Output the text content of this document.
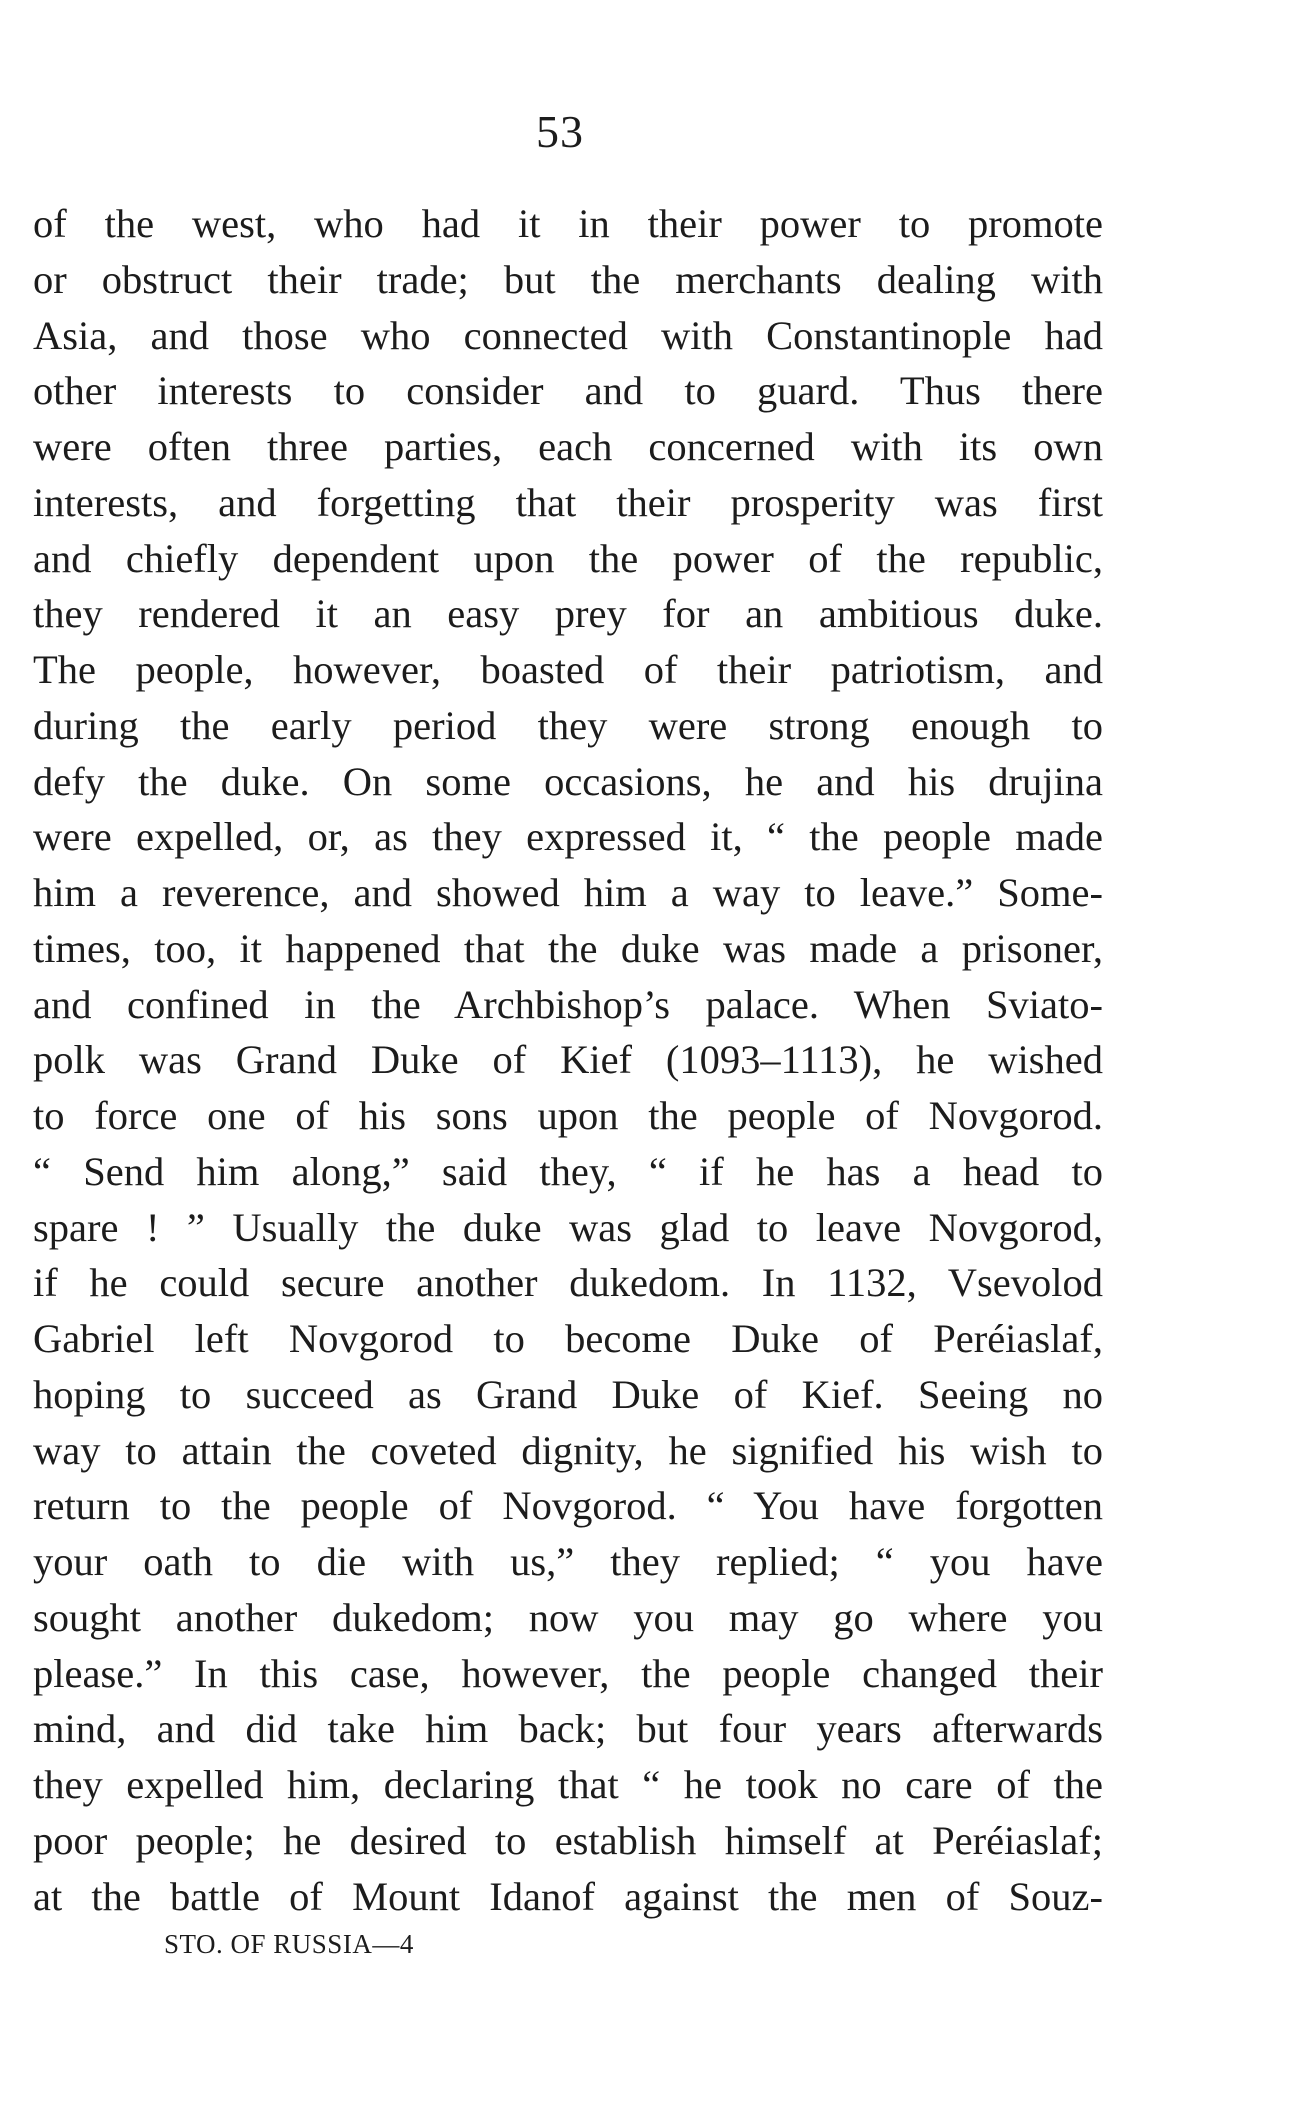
53
of the west, who had it in their power to promote
or obstruct their trade; but the merchants dealing with
Asia, and those who connected with Constantinople had
other interests to consider and to guard. Thus there
were often three parties, each concerned with its own
interests, and forgetting that their prosperity was first
and chiefly dependent upon the power of the republic,
they rendered it an easy prey for an ambitious duke.
The people, however, boasted of their patriotism, and
during the early period they were strong enough to
defy the duke. On some occasions, he and his drujina
were expelled, or, as they expressed it, “ the people made
him a reverence, and showed him a way to leave.” Some-
times, too, it happened that the duke was made a prisoner,
and confined in the Archbishop’s palace. When Sviato-
polk was Grand Duke of Kief (1093–1113), he wished
to force one of his sons upon the people of Novgorod.
“ Send him along,” said they, “ if he has a head to
spare ! ” Usually the duke was glad to leave Novgorod,
if he could secure another dukedom. In 1132, Vsevolod
Gabriel left Novgorod to become Duke of Peréiaslaf,
hoping to succeed as Grand Duke of Kief. Seeing no
way to attain the coveted dignity, he signified his wish to
return to the people of Novgorod. “ You have forgotten
your oath to die with us,” they replied; “ you have
sought another dukedom; now you may go where you
please.” In this case, however, the people changed their
mind, and did take him back; but four years afterwards
they expelled him, declaring that “ he took no care of the
poor people; he desired to establish himself at Peréiaslaf;
at the battle of Mount Idanof against the men of Souz-
STO. OF RUSSIA—4
